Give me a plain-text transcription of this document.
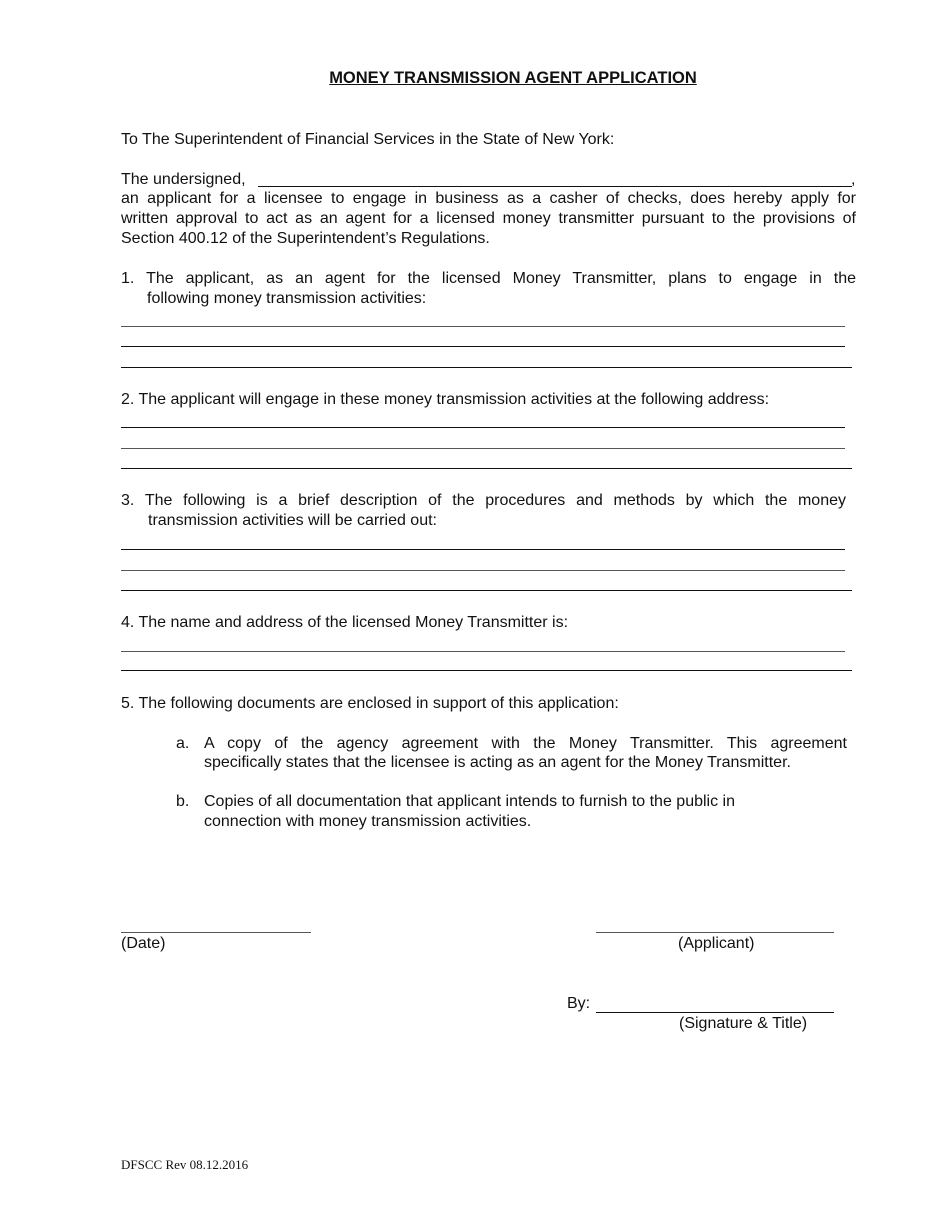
MONEY TRANSMISSION AGENT APPLICATION
To The Superintendent of Financial Services in the State of New York:
The undersigned,	,
an applicant for a licensee to engage in business as a casher of checks, does hereby apply for
written approval to act as an agent for a licensed money transmitter pursuant to the provisions of
Section 400.12 of the Superintendent’s Regulations.
1. The applicant, as an agent for the licensed Money Transmitter, plans to engage in the
following money transmission activities:
2. The applicant will engage in these money transmission activities at the following address:
3. The following is a brief description of the procedures and methods by which the money
transmission activities will be carried out:
4. The name and address of the licensed Money Transmitter is:
5. The following documents are enclosed in support of this application:
a. A copy of the agency agreement with the Money Transmitter. This agreement
specifically states that the licensee is acting as an agent for the Money Transmitter.
b. Copies of all documentation that applicant intends to furnish to the public in
connection with money transmission activities.
(Date)	(Applicant)
By:
(Signature & Title)
DFSCC Rev 08.12.2016
